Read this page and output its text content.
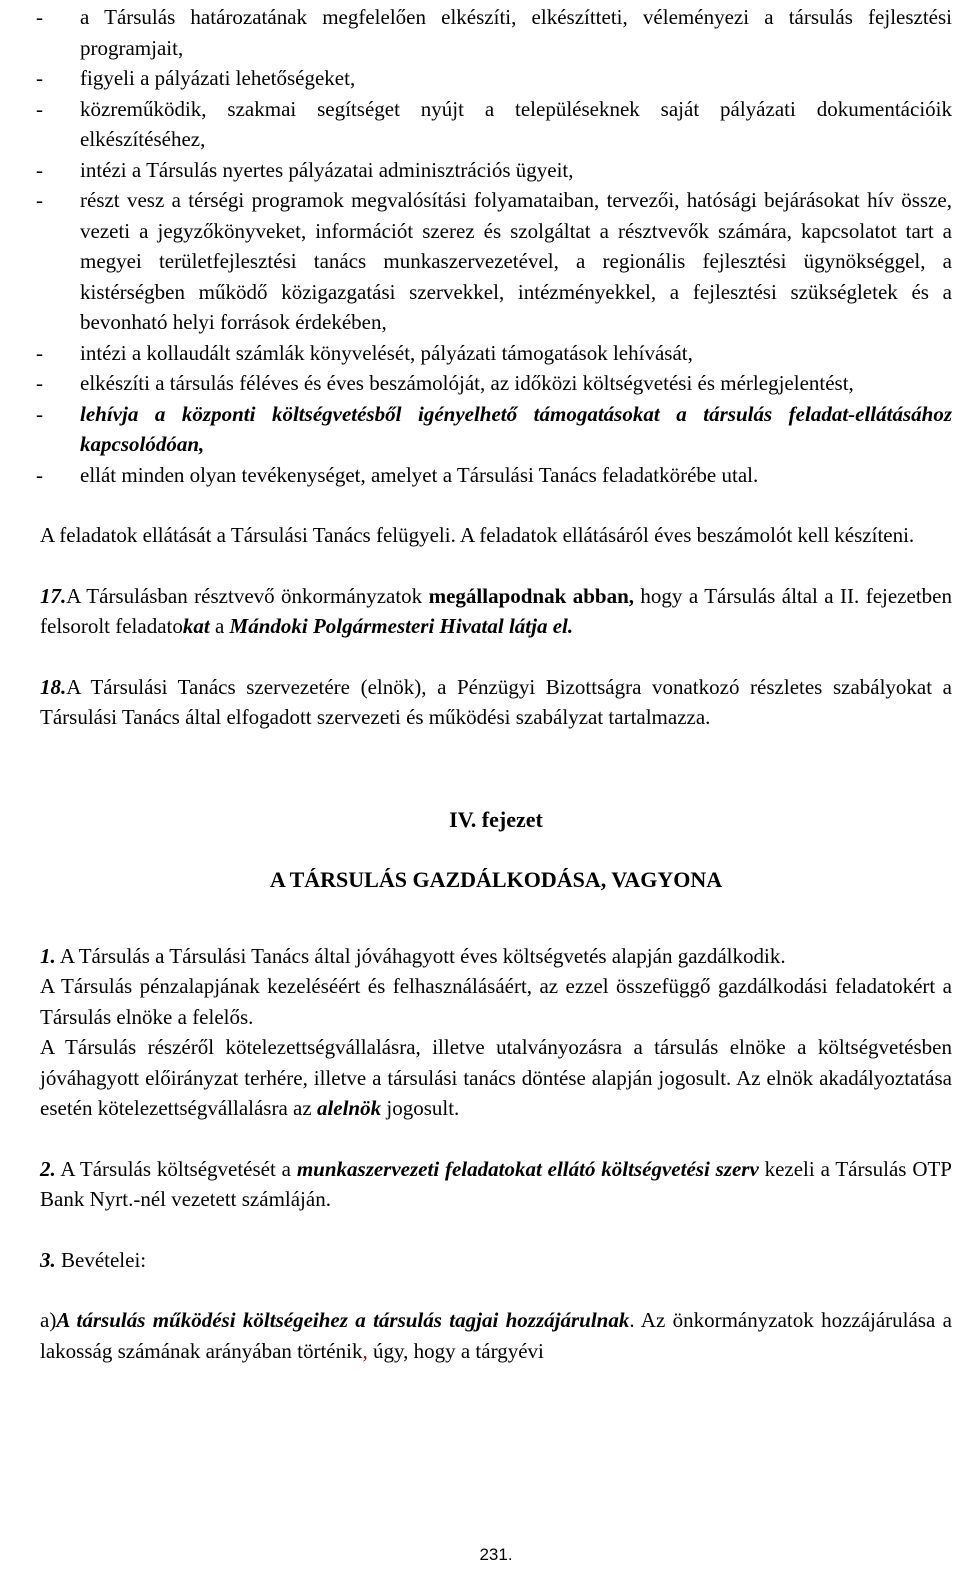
- a Társulás határozatának megfelelően elkészíti, elkészítteti, véleményezi a társulás fejlesztési programjait,
- figyeli a pályázati lehetőségeket,
- közreműködik, szakmai segítséget nyújt a településeknek saját pályázati dokumentációik elkészítéséhez,
- intézi a Társulás nyertes pályázatai adminisztrációs ügyeit,
- részt vesz a térségi programok megvalósítási folyamataiban, tervezői, hatósági bejárásokat hív össze, vezeti a jegyzőkönyveket, információt szerez és szolgáltat a résztvevők számára, kapcsolatot tart a megyei területfejlesztési tanács munkaszervezetével, a regionális fejlesztési ügynökséggel, a kistérségben működő közigazgatási szervekkel, intézményekkel, a fejlesztési szükségletek és a bevonható helyi források érdekében,
- intézi a kollaudált számlák könyvelését, pályázati támogatások lehívását,
- elkészíti a társulás féléves és éves beszámolóját, az időközi költségvetési és mérlegjelentést,
- lehívja a központi költségvetésből igényelhető támogatásokat a társulás feladat-ellátásához kapcsolódóan,
- ellát minden olyan tevékenységet, amelyet a Társulási Tanács feladatkörébe utal.

A feladatok ellátását a Társulási Tanács felügyeli. A feladatok ellátásáról éves beszámolót kell készíteni.

17.A Társulásban résztvevő önkormányzatok megállapodnak abban, hogy a Társulás által a II. fejezetben felsorolt feladatokat a Mándoki Polgármesteri Hivatal látja el.

18.A Társulási Tanács szervezetére (elnök), a Pénzügyi Bizottságra vonatkozó részletes szabályokat a Társulási Tanács által elfogadott szervezeti és működési szabályzat tartalmazza.

IV. fejezet
A TÁRSULÁS GAZDÁLKODÁSA, VAGYONA

1. A Társulás a Társulási Tanács által jóváhagyott éves költségvetés alapján gazdálkodik.
A Társulás pénzalapjának kezeléséért és felhasználásáért, az ezzel összefüggő gazdálkodási feladatokért a Társulás elnöke a felelős.
A Társulás részéről kötelezettségvállalásra, illetve utalványozásra a társulás elnöke a költségvetésben jóváhagyott előirányzat terhére, illetve a társulási tanács döntése alapján jogosult. Az elnök akadályoztatása esetén kötelezettségvállalásra az alelnök jogosult.

2. A Társulás költségvetését a munkaszervezeti feladatokat ellátó költségvetési szerv kezeli a Társulás OTP Bank Nyrt.-nél vezetett számláján.

3. Bevételei:

a)A társulás működési költségeihez a társulás tagjai hozzájárulnak. Az önkormányzatok hozzájárulása a lakosság számának arányában történik, úgy, hogy a tárgyévi

231.
